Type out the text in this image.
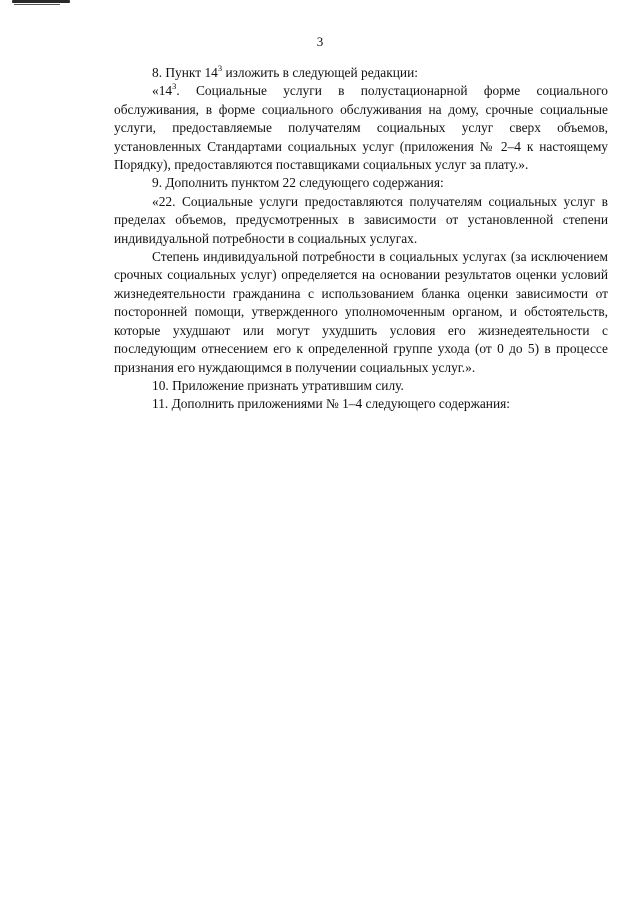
3

8. Пункт $14^3$ изложить в следующей редакции:

«$14^3$. Социальные услуги в полустационарной форме социального обслуживания, в форме социального обслуживания на дому, срочные социальные услуги, предоставляемые получателям социальных услуг сверх объемов, установленных Стандартами социальных услуг (приложения № 2–4 к настоящему Порядку), предоставляются поставщиками социальных услуг за плату.».

9. Дополнить пунктом 22 следующего содержания:

«22. Социальные услуги предоставляются получателям социальных услуг в пределах объемов, предусмотренных в зависимости от установленной степени индивидуальной потребности в социальных услугах.

Степень индивидуальной потребности в социальных услугах (за исключением срочных социальных услуг) определяется на основании результатов оценки условий жизнедеятельности гражданина с использованием бланка оценки зависимости от посторонней помощи, утвержденного уполномоченным органом, и обстоятельств, которые ухудшают или могут ухудшить условия его жизнедеятельности с последующим отнесением его к определенной группе ухода (от 0 до 5) в процессе признания его нуждающимся в получении социальных услуг.».

10. Приложение признать утратившим силу.

11. Дополнить приложениями № 1–4 следующего содержания:
